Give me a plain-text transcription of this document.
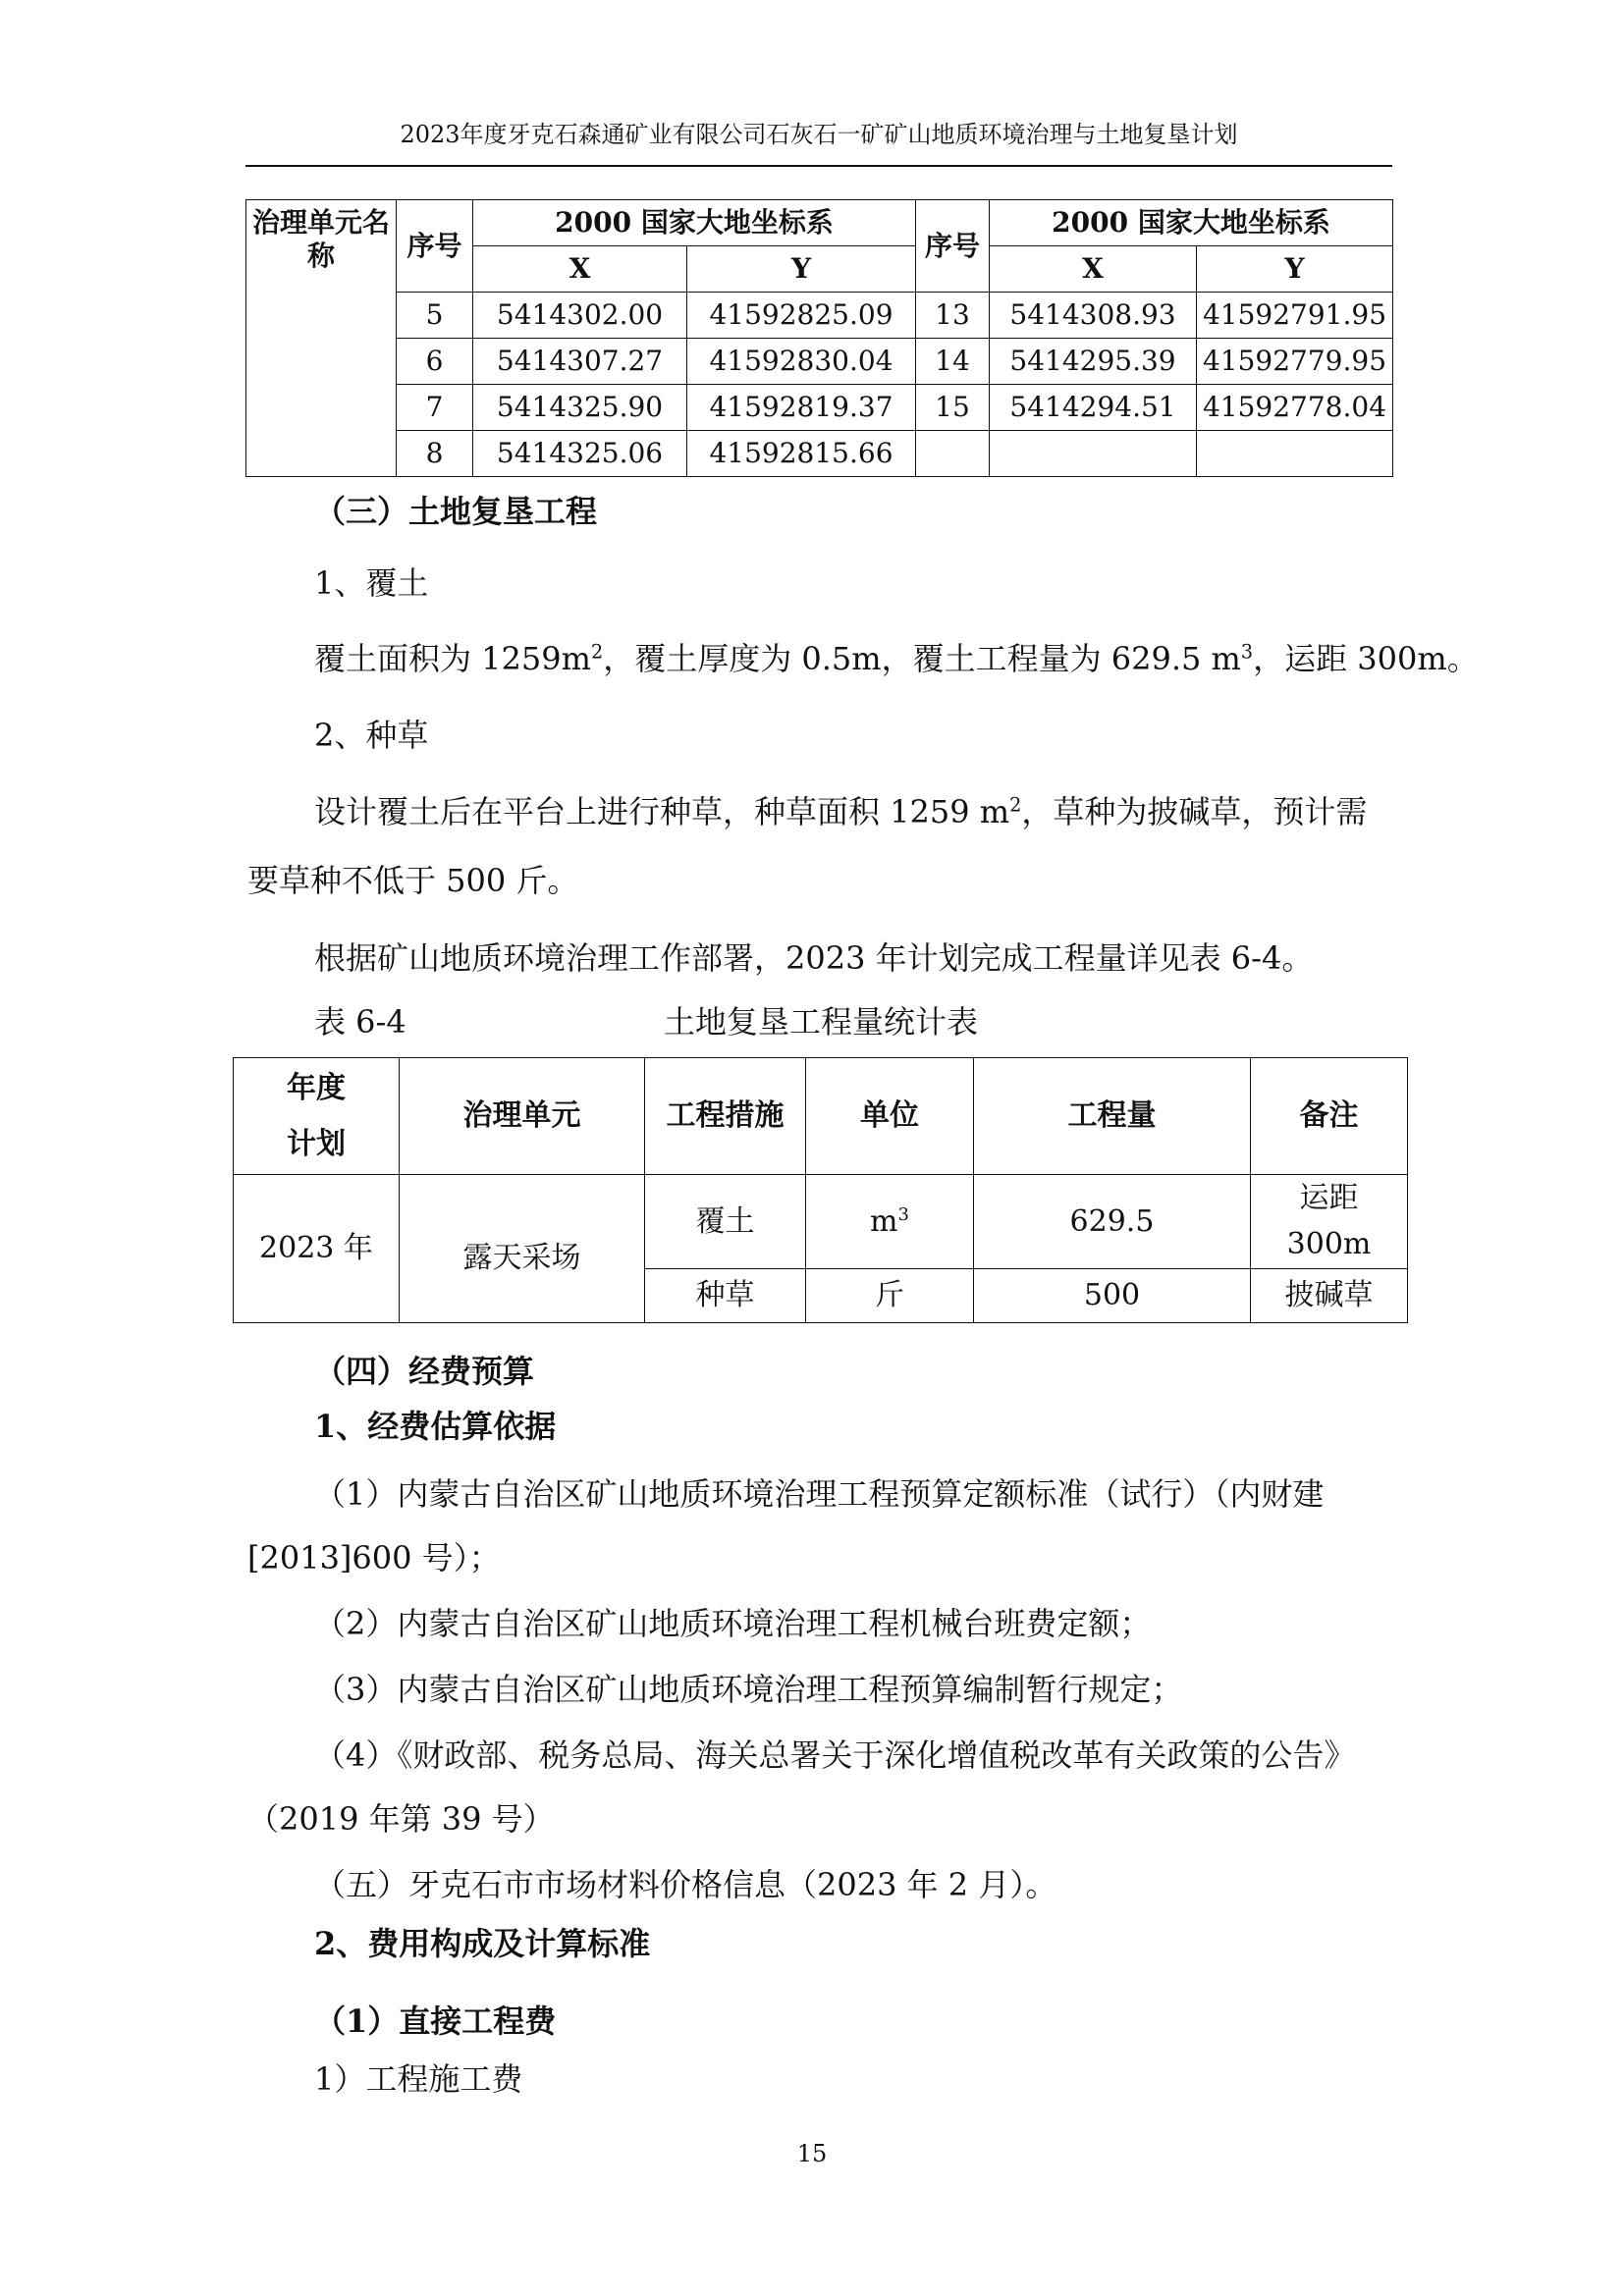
2023年度牙克石森通矿业有限公司石灰石一矿矿山地质环境治理与土地复垦计划
治理单元名称	序号	2000 国家大地坐标系		序号	2000 国家大地坐标系	
		X	Y		X	Y
	5	5414302.00	41592825.09	13	5414308.93	41592791.95
	6	5414307.27	41592830.04	14	5414295.39	41592779.95
	7	5414325.90	41592819.37	15	5414294.51	41592778.04
	8	5414325.06	41592815.66			
（三）土地复垦工程
1、覆土
覆土面积为 $1259m^2$，覆土厚度为 0.5m，覆土工程量为 629.5 $m^3$，运距 300m。
2、种草
设计覆土后在平台上进行种草，种草面积 1259 $m^2$，草种为披碱草，预计需
要草种不低于 500 斤。
根据矿山地质环境治理工作部署，2023 年计划完成工程量详见表 6-4。
表 6-4	土地复垦工程量统计表
年度
计划	治理单元	工程措施	单位	工程量	备注
2023 年	露天采场	覆土	$m^3$	629.5	运距
300m
		种草	斤	500	披碱草
（四）经费预算
1、经费估算依据
（1）内蒙古自治区矿山地质环境治理工程预算定额标准（试行）（内财建
[2013]600 号）；
（2）内蒙古自治区矿山地质环境治理工程机械台班费定额；
（3）内蒙古自治区矿山地质环境治理工程预算编制暂行规定；
（4）《财政部、税务总局、海关总署关于深化增值税改革有关政策的公告》
（2019 年第 39 号）
（五）牙克石市市场材料价格信息（2023 年 2 月）。
2、费用构成及计算标准
（1）直接工程费
1）工程施工费
15
